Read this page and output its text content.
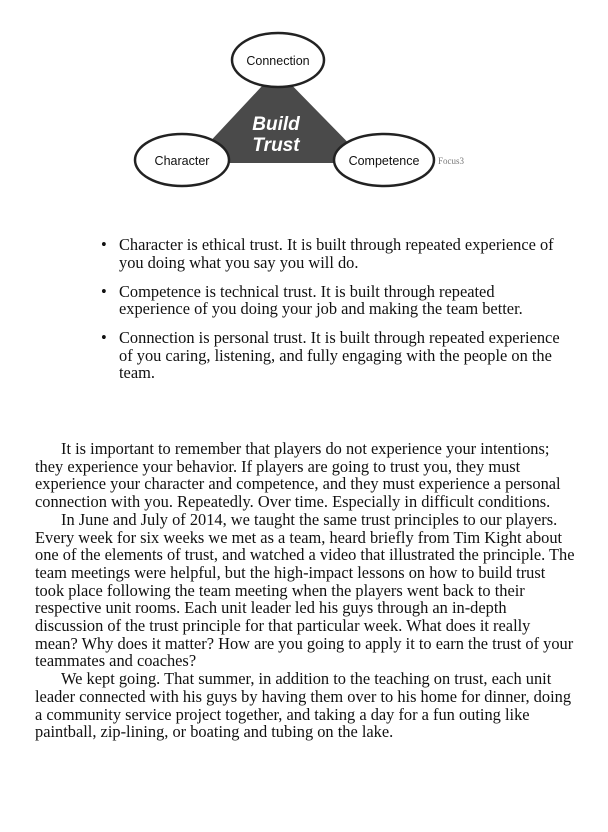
Build
Trust
Connection
Character	Competence Focus3
• Character is ethical trust. It is built through repeated experience of you doing what you say you will do.
• Competence is technical trust. It is built through repeated experience of you doing your job and making the team better.
• Connection is personal trust. It is built through repeated experience of you caring, listening, and fully engaging with the people on the team.

It is important to remember that players do not experience your intentions; they experience your behavior. If players are going to trust you, they must experience your character and competence, and they must experience a personal connection with you. Repeatedly. Over time. Especially in difficult conditions.

In June and July of 2014, we taught the same trust principles to our players. Every week for six weeks we met as a team, heard briefly from Tim Kight about one of the elements of trust, and watched a video that illustrated the principle. The team meetings were helpful, but the high-impact lessons on how to build trust took place following the team meeting when the players went back to their respective unit rooms. Each unit leader led his guys through an in-depth discussion of the trust principle for that particular week. What does it really mean? Why does it matter? How are you going to apply it to earn the trust of your teammates and coaches?

We kept going. That summer, in addition to the teaching on trust, each unit leader connected with his guys by having them over to his home for dinner, doing a community service project together, and taking a day for a fun outing like paintball, zip-lining, or boating and tubing on the lake.
